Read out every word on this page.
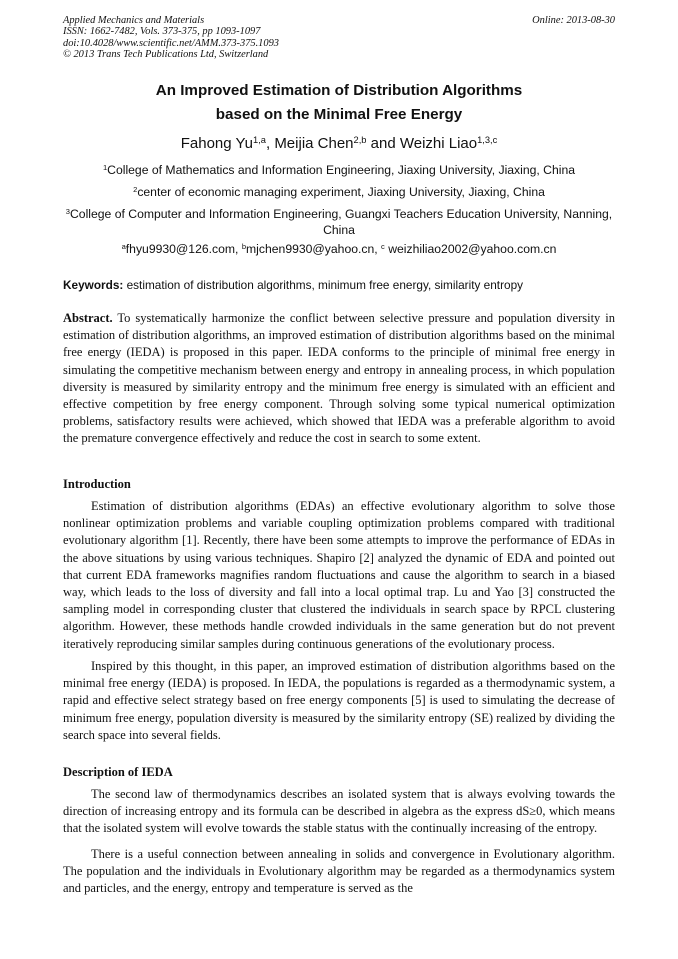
Applied Mechanics and Materials
ISSN: 1662-7482, Vols. 373-375, pp 1093-1097
doi:10.4028/www.scientific.net/AMM.373-375.1093
© 2013 Trans Tech Publications Ltd, Switzerland
Online: 2013-08-30
An Improved Estimation of Distribution Algorithms
based on the Minimal Free Energy
Fahong Yu$^{1,a}$, Meijia Chen$^{2,b}$ and Weizhi Liao$^{1,3,c}$
$^1$College of Mathematics and Information Engineering, Jiaxing University, Jiaxing, China
$^2$center of economic managing experiment, Jiaxing University, Jiaxing, China
$^3$College of Computer and Information Engineering, Guangxi Teachers Education University, Nanning, China
$^a$fhyu9930@126.com, $^b$mjchen9930@yahoo.cn, $^c$ weizhiliao2002@yahoo.com.cn
Keywords: estimation of distribution algorithms, minimum free energy, similarity entropy

Abstract. To systematically harmonize the conflict between selective pressure and population diversity in estimation of distribution algorithms, an improved estimation of distribution algorithms based on the minimal free energy (IEDA) is proposed in this paper. IEDA conforms to the principle of minimal free energy in simulating the competitive mechanism between energy and entropy in annealing process, in which population diversity is measured by similarity entropy and the minimum free energy is simulated with an efficient and effective competition by free energy component. Through solving some typical numerical optimization problems, satisfactory results were achieved, which showed that IEDA was a preferable algorithm to avoid the premature convergence effectively and reduce the cost in search to some extent.

Introduction

Estimation of distribution algorithms (EDAs) an effective evolutionary algorithm to solve those nonlinear optimization problems and variable coupling optimization problems compared with traditional evolutionary algorithm [1]. Recently, there have been some attempts to improve the performance of EDAs in the above situations by using various techniques. Shapiro [2] analyzed the dynamic of EDA and pointed out that current EDA frameworks magnifies random fluctuations and cause the algorithm to search in a biased way, which leads to the loss of diversity and fall into a local optimal trap. Lu and Yao [3] constructed the sampling model in corresponding cluster that clustered the individuals in search space by RPCL clustering algorithm. However, these methods handle crowded individuals in the same generation but do not prevent iteratively reproducing similar samples during continuous generations of the evolutionary process.

Inspired by this thought, in this paper, an improved estimation of distribution algorithms based on the minimal free energy (IEDA) is proposed. In IEDA, the populations is regarded as a thermodynamic system, a rapid and effective select strategy based on free energy components [5] is used to simulating the decrease of minimum free energy, population diversity is measured by the similarity entropy (SE) realized by dividing the search space into several fields.

Description of IEDA

The second law of thermodynamics describes an isolated system that is always evolving towards the direction of increasing entropy and its formula can be described in algebra as the express dS≥0, which means that the isolated system will evolve towards the stable status with the continually increasing of the entropy.

There is a useful connection between annealing in solids and convergence in Evolutionary algorithm. The population and the individuals in Evolutionary algorithm may be regarded as a thermodynamics system and particles, and the energy, entropy and temperature is served as the
